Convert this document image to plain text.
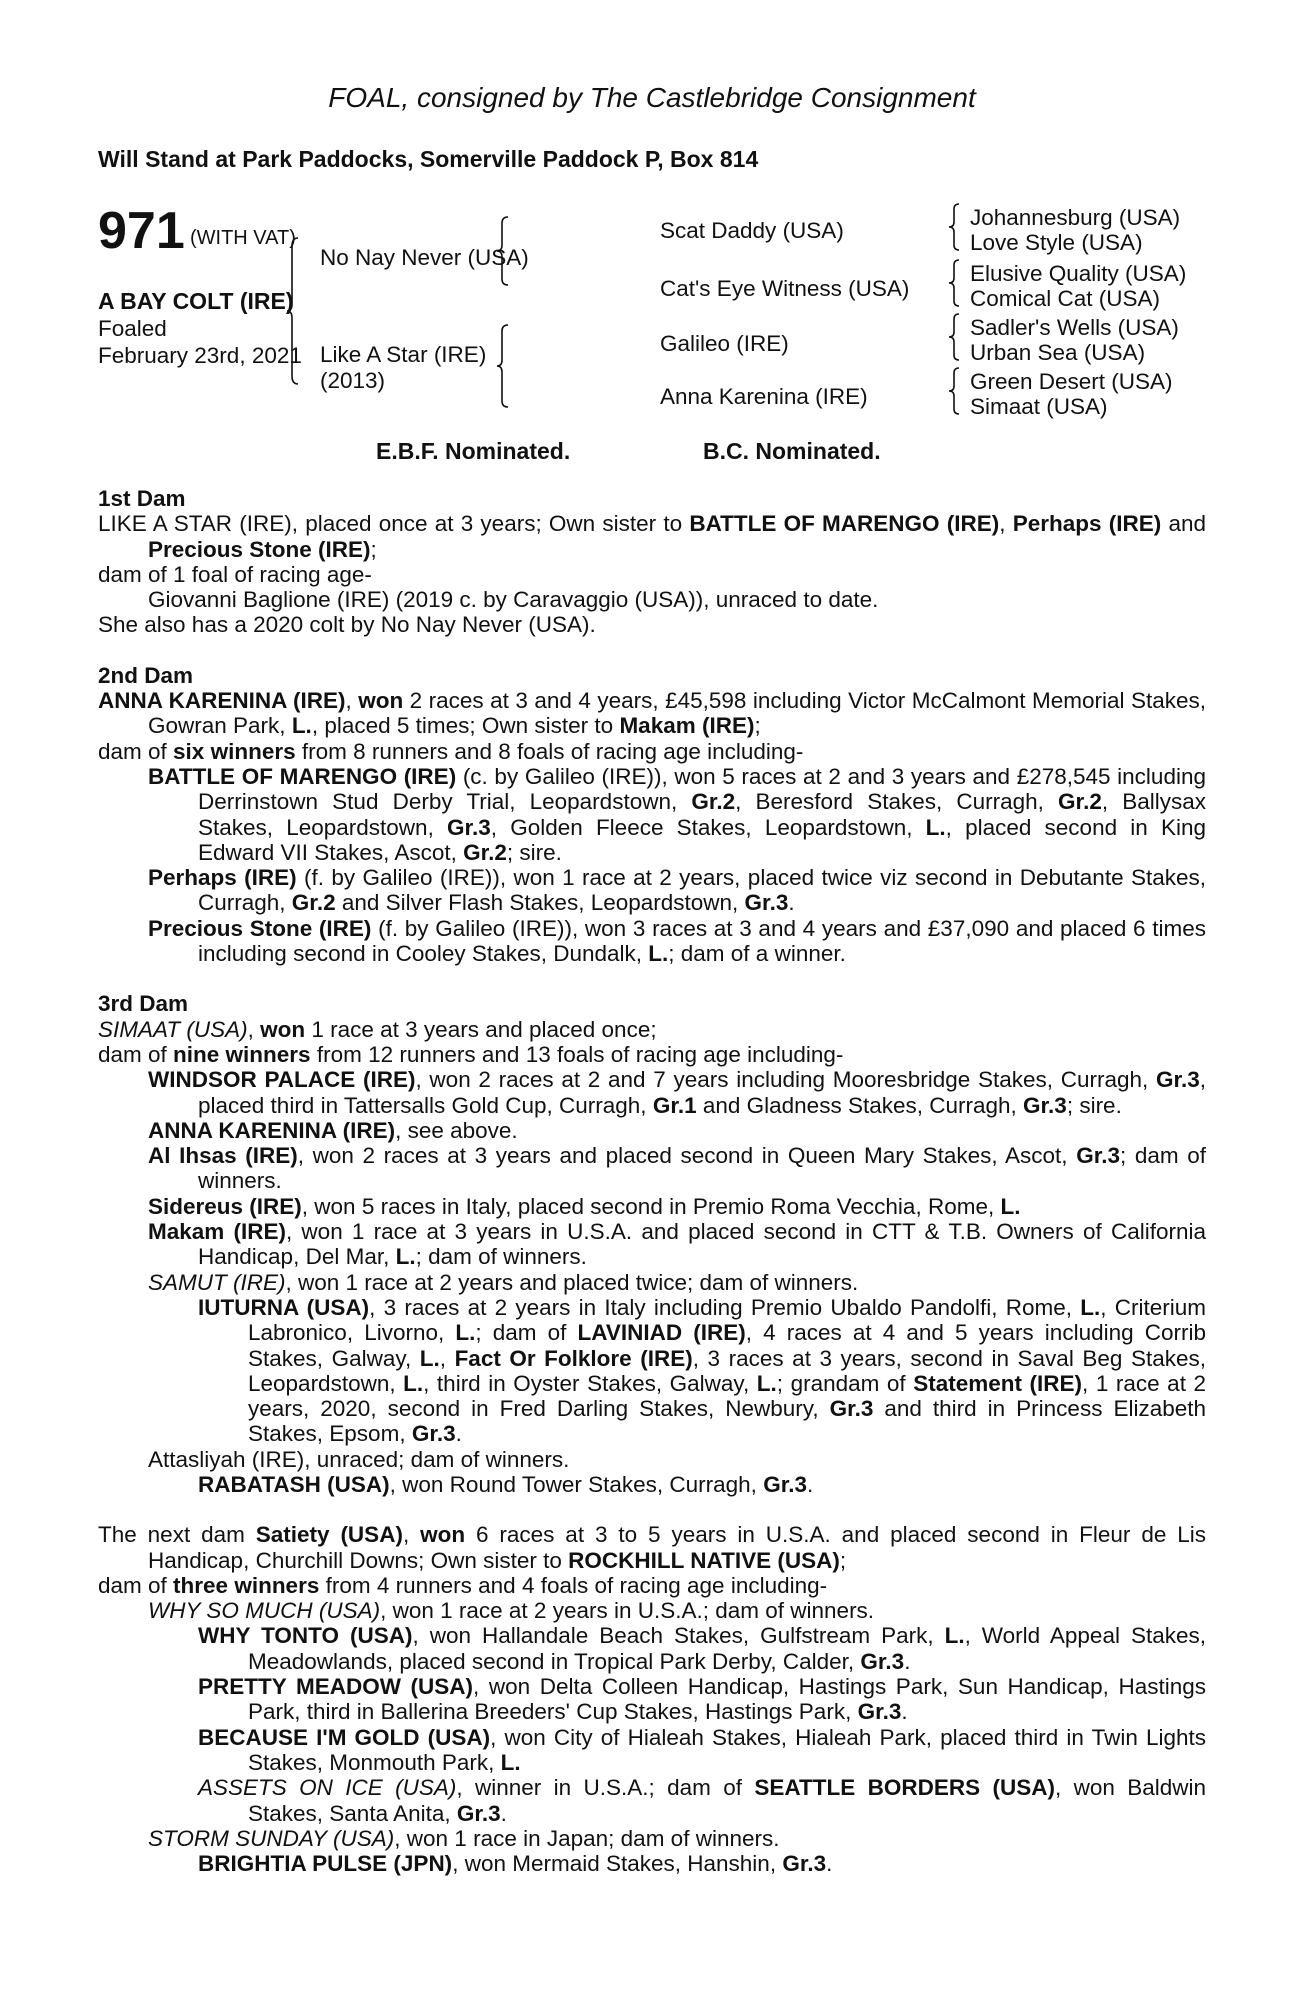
FOAL, consigned by The Castlebridge Consignment
Will Stand at Park Paddocks, Somerville Paddock P, Box 814
971 (WITH VAT)
A BAY COLT (IRE)
Foaled
February 23rd, 2021
No Nay Never (USA)
Like A Star (IRE)
(2013)
Scat Daddy (USA)
Cat's Eye Witness (USA)
Galileo (IRE)
Anna Karenina (IRE)
Johannesburg (USA)
Love Style (USA)
Elusive Quality (USA)
Comical Cat (USA)
Sadler's Wells (USA)
Urban Sea (USA)
Green Desert (USA)
Simaat (USA)
E.B.F. Nominated.	B.C. Nominated.

1st Dam

LIKE A STAR (IRE), placed once at 3 years; Own sister to BATTLE OF MARENGO (IRE), Perhaps (IRE) and Precious Stone (IRE);

dam of 1 foal of racing age-

Giovanni Baglione (IRE) (2019 c. by Caravaggio (USA)), unraced to date.

She also has a 2020 colt by No Nay Never (USA).

2nd Dam

ANNA KARENINA (IRE), won 2 races at 3 and 4 years, £45,598 including Victor McCalmont Memorial Stakes, Gowran Park, L., placed 5 times; Own sister to Makam (IRE);

dam of six winners from 8 runners and 8 foals of racing age including-

BATTLE OF MARENGO (IRE) (c. by Galileo (IRE)), won 5 races at 2 and 3 years and £278,545 including Derrinstown Stud Derby Trial, Leopardstown, Gr.2, Beresford Stakes, Curragh, Gr.2, Ballysax Stakes, Leopardstown, Gr.3, Golden Fleece Stakes, Leopardstown, L., placed second in King Edward VII Stakes, Ascot, Gr.2; sire.

Perhaps (IRE) (f. by Galileo (IRE)), won 1 race at 2 years, placed twice viz second in Debutante Stakes, Curragh, Gr.2 and Silver Flash Stakes, Leopardstown, Gr.3.

Precious Stone (IRE) (f. by Galileo (IRE)), won 3 races at 3 and 4 years and £37,090 and placed 6 times including second in Cooley Stakes, Dundalk, L.; dam of a winner.

3rd Dam

SIMAAT (USA), won 1 race at 3 years and placed once;

dam of nine winners from 12 runners and 13 foals of racing age including-

WINDSOR PALACE (IRE), won 2 races at 2 and 7 years including Mooresbridge Stakes, Curragh, Gr.3, placed third in Tattersalls Gold Cup, Curragh, Gr.1 and Gladness Stakes, Curragh, Gr.3; sire.

ANNA KARENINA (IRE), see above.

Al Ihsas (IRE), won 2 races at 3 years and placed second in Queen Mary Stakes, Ascot, Gr.3; dam of winners.

Sidereus (IRE), won 5 races in Italy, placed second in Premio Roma Vecchia, Rome, L.

Makam (IRE), won 1 race at 3 years in U.S.A. and placed second in CTT & T.B. Owners of California Handicap, Del Mar, L.; dam of winners.

SAMUT (IRE), won 1 race at 2 years and placed twice; dam of winners.

IUTURNA (USA), 3 races at 2 years in Italy including Premio Ubaldo Pandolfi, Rome, L., Criterium Labronico, Livorno, L.; dam of LAVINIAD (IRE), 4 races at 4 and 5 years including Corrib Stakes, Galway, L., Fact Or Folklore (IRE), 3 races at 3 years, second in Saval Beg Stakes, Leopardstown, L., third in Oyster Stakes, Galway, L.; grandam of Statement (IRE), 1 race at 2 years, 2020, second in Fred Darling Stakes, Newbury, Gr.3 and third in Princess Elizabeth Stakes, Epsom, Gr.3.

Attasliyah (IRE), unraced; dam of winners.

RABATASH (USA), won Round Tower Stakes, Curragh, Gr.3.

The next dam Satiety (USA), won 6 races at 3 to 5 years in U.S.A. and placed second in Fleur de Lis Handicap, Churchill Downs; Own sister to ROCKHILL NATIVE (USA);

dam of three winners from 4 runners and 4 foals of racing age including-

WHY SO MUCH (USA), won 1 race at 2 years in U.S.A.; dam of winners.

WHY TONTO (USA), won Hallandale Beach Stakes, Gulfstream Park, L., World Appeal Stakes, Meadowlands, placed second in Tropical Park Derby, Calder, Gr.3.

PRETTY MEADOW (USA), won Delta Colleen Handicap, Hastings Park, Sun Handicap, Hastings Park, third in Ballerina Breeders' Cup Stakes, Hastings Park, Gr.3.

BECAUSE I'M GOLD (USA), won City of Hialeah Stakes, Hialeah Park, placed third in Twin Lights Stakes, Monmouth Park, L.

ASSETS ON ICE (USA), winner in U.S.A.; dam of SEATTLE BORDERS (USA), won Baldwin Stakes, Santa Anita, Gr.3.

STORM SUNDAY (USA), won 1 race in Japan; dam of winners.

BRIGHTIA PULSE (JPN), won Mermaid Stakes, Hanshin, Gr.3.
